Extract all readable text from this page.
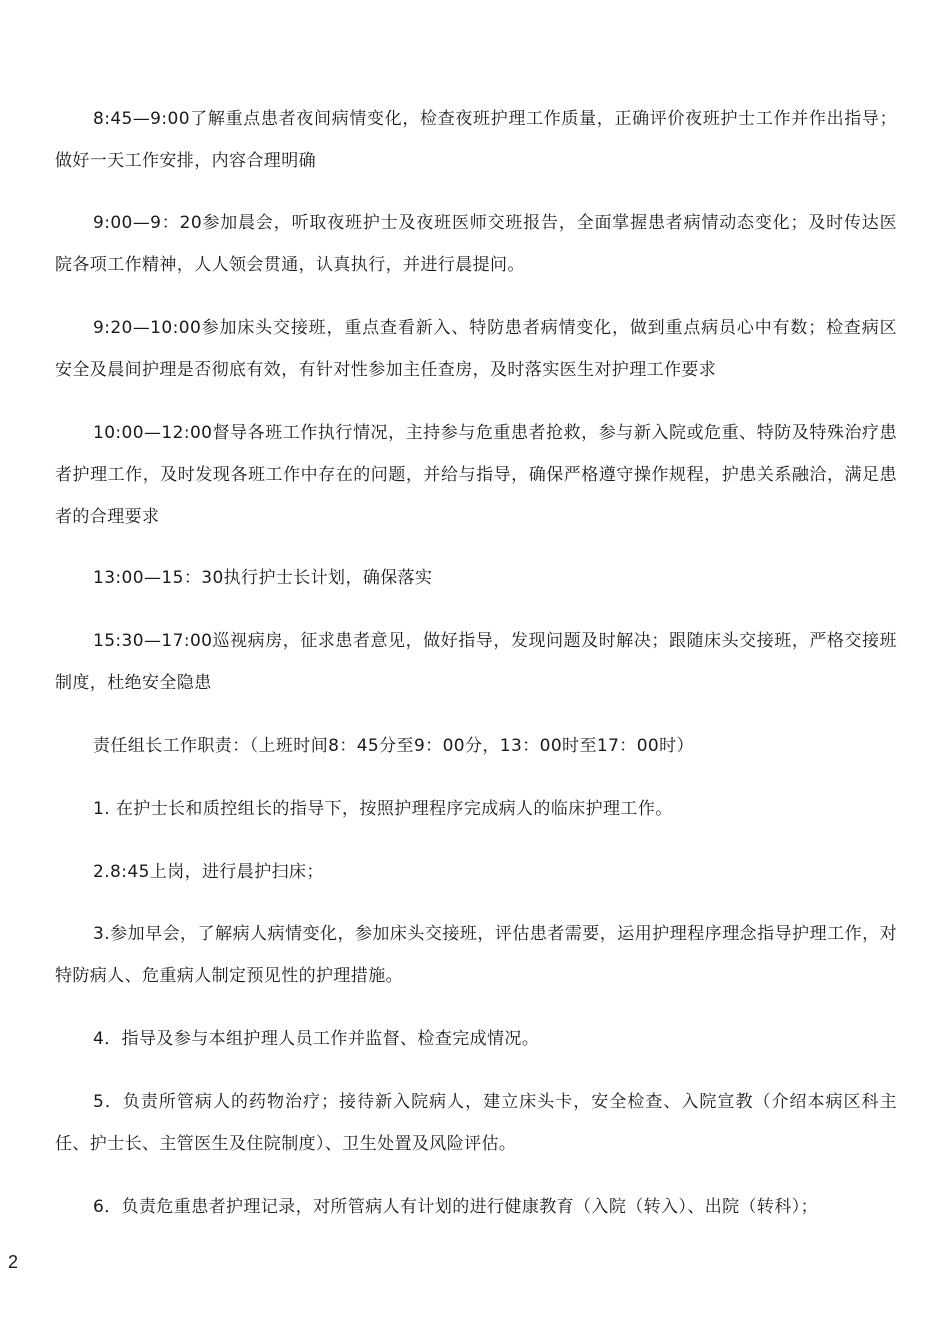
8:45—9:00了解重点患者夜间病情变化，检查夜班护理工作质量，正确评价夜班护士工作并作出指导；做好一天工作安排，内容合理明确

9:00—9：20参加晨会，听取夜班护士及夜班医师交班报告，全面掌握患者病情动态变化；及时传达医院各项工作精神，人人领会贯通，认真执行，并进行晨提问。

9:20—10:00参加床头交接班，重点查看新入、特防患者病情变化，做到重点病员心中有数；检查病区安全及晨间护理是否彻底有效，有针对性参加主任查房，及时落实医生对护理工作要求

10:00—12:00督导各班工作执行情况，主持参与危重患者抢救，参与新入院或危重、特防及特殊治疗患者护理工作，及时发现各班工作中存在的问题，并给与指导，确保严格遵守操作规程，护患关系融洽，满足患者的合理要求

13:00—15：30执行护士长计划，确保落实

15:30—17:00巡视病房，征求患者意见，做好指导，发现问题及时解决；跟随床头交接班，严格交接班制度，杜绝安全隐患

责任组长工作职责：（上班时间8：45分至9：00分，13：00时至17：00时）

1. 在护士长和质控组长的指导下，按照护理程序完成病人的临床护理工作。

2.8:45上岗，进行晨护扫床；

3.参加早会，了解病人病情变化，参加床头交接班，评估患者需要，运用护理程序理念指导护理工作，对特防病人、危重病人制定预见性的护理措施。

4．指导及参与本组护理人员工作并监督、检查完成情况。

5．负责所管病人的药物治疗；接待新入院病人，建立床头卡，安全检查、入院宣教（介绍本病区科主任、护士长、主管医生及住院制度）、卫生处置及风险评估。

6．负责危重患者护理记录，对所管病人有计划的进行健康教育（入院（转入）、出院（转科）；

2
